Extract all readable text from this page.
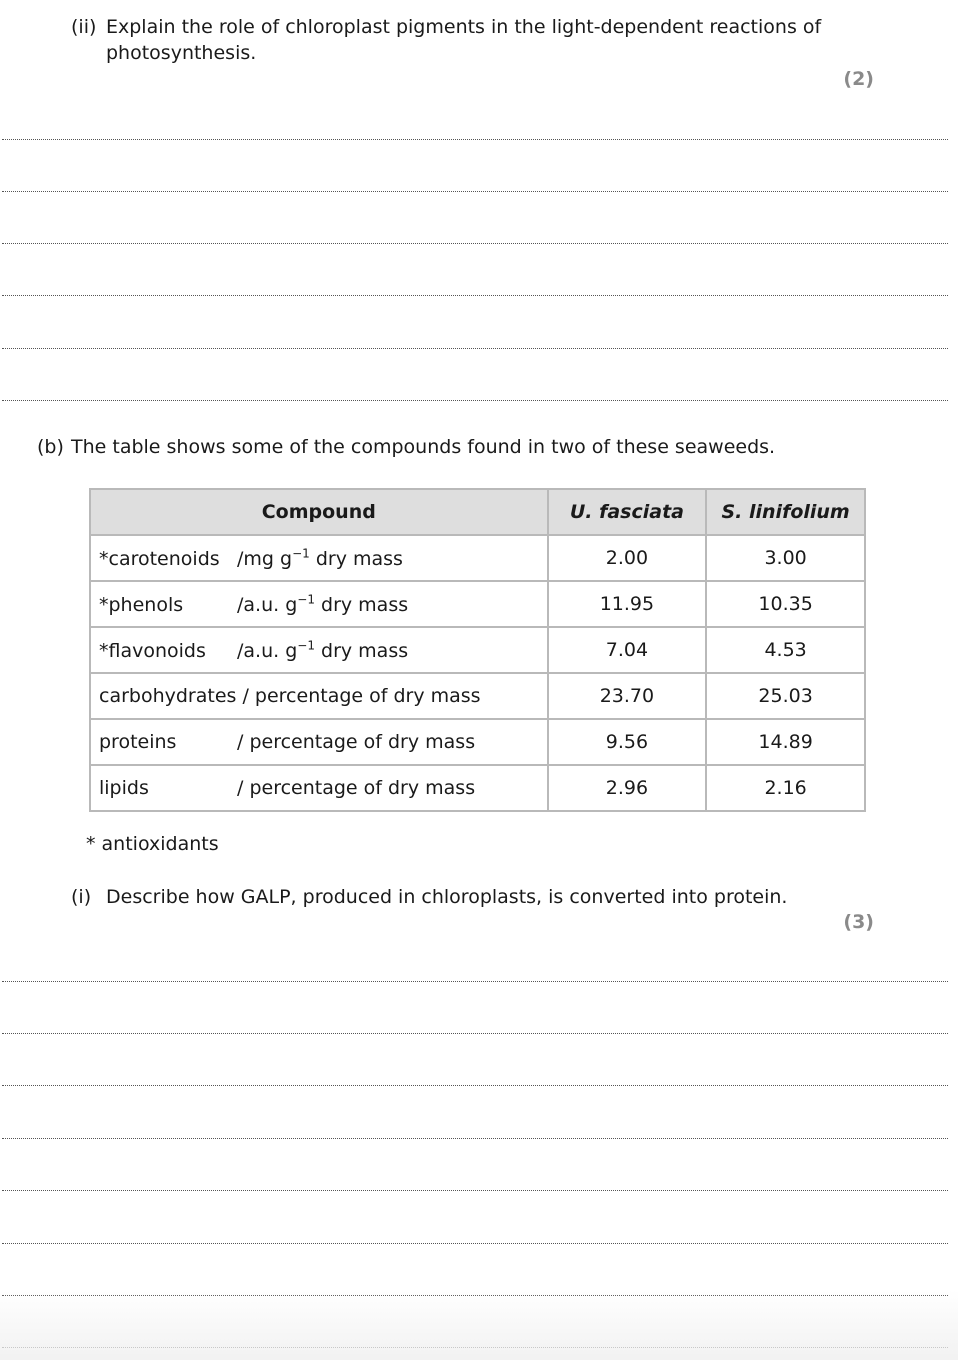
(ii) Explain the role of chloroplast pigments in the light-dependent reactions of
photosynthesis.
(2)
(b) The table shows some of the compounds found in two of these seaweeds.
Compound	U. fasciata	S. linifolium
*carotenoids /mg $g^{-1}$ dry mass	2.00	3.00
*phenols /a.u. $g^{-1}$ dry mass	11.95	10.35
*flavonoids /a.u. $g^{-1}$ dry mass	7.04	4.53
carbohydrates / percentage of dry mass	23.70	25.03
proteins / percentage of dry mass	9.56	14.89
lipids / percentage of dry mass	2.96	2.16
* antioxidants
(i) Describe how GALP, produced in chloroplasts, is converted into protein.
(3)
